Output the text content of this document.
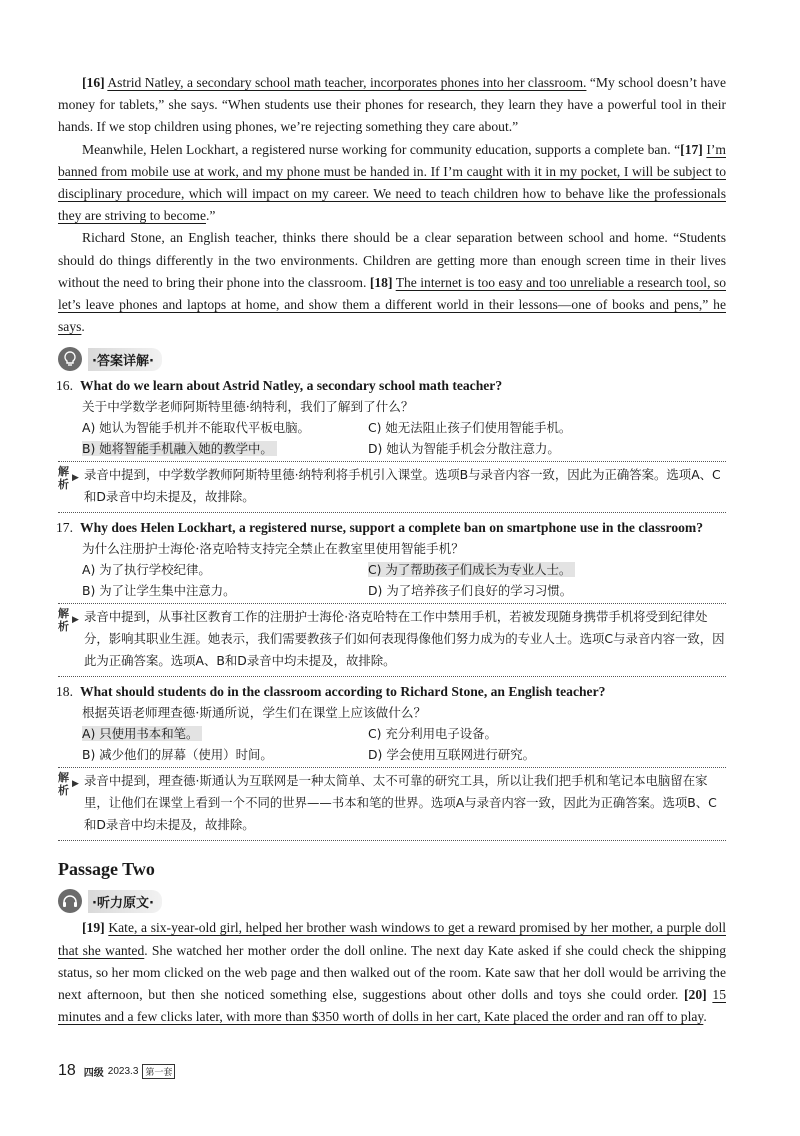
[16] Astrid Natley, a secondary school math teacher, incorporates phones into her classroom. “My school doesn’t have money for tablets,” she says. “When students use their phones for research, they learn they have a powerful tool in their hands. If we stop children using phones, we’re rejecting something they care about.”

Meanwhile, Helen Lockhart, a registered nurse working for community education, supports a complete ban. “[17] I’m banned from mobile use at work, and my phone must be handed in. If I’m caught with it in my pocket, I will be subject to disciplinary procedure, which will impact on my career. We need to teach children how to behave like the professionals they are striving to become.”

Richard Stone, an English teacher, thinks there should be a clear separation between school and home. “Students should do things differently in the two environments. Children are getting more than enough screen time in their lives without the need to bring their phone into the classroom. [18] The internet is too easy and too unreliable a research tool, so let’s leave phones and laptops at home, and show them a different world in their lessons—one of books and pens,” he says.

·答案详解·
16. What do we learn about Astrid Natley, a secondary school math teacher?
关于中学数学老师阿斯特里德·纳特利，我们了解到了什么？
A) 她认为智能手机并不能取代平板电脑。	C) 她无法阻止孩子们使用智能手机。
B) 她将智能手机融入她的教学中。	D) 她认为智能手机会分散注意力。
解析 ▶ 录音中提到，中学数学教师阿斯特里德·纳特利将手机引入课堂。选项B与录音内容一致，因此为正确答案。选项A、C和D录音中均未提及，故排除。
17. Why does Helen Lockhart, a registered nurse, support a complete ban on smartphone use in the classroom?
为什么注册护士海伦·洛克哈特支持完全禁止在教室里使用智能手机？
A) 为了执行学校纪律。	C) 为了帮助孩子们成长为专业人士。
B) 为了让学生集中注意力。	D) 为了培养孩子们良好的学习习惯。
解析 ▶ 录音中提到，从事社区教育工作的注册护士海伦·洛克哈特在工作中禁用手机，若被发现随身携带手机将受到纪律处分，影响其职业生涯。她表示，我们需要教孩子们如何表现得像他们努力成为的专业人士。选项C与录音内容一致，因此为正确答案。选项A、B和D录音中均未提及，故排除。
18. What should students do in the classroom according to Richard Stone, an English teacher?
根据英语老师理查德·斯通所说，学生们在课堂上应该做什么？
A) 只使用书本和笔。	C) 充分利用电子设备。
B) 减少他们的屏幕（使用）时间。	D) 学会使用互联网进行研究。
解析 ▶ 录音中提到，理查德·斯通认为互联网是一种太简单、太不可靠的研究工具，所以让我们把手机和笔记本电脑留在家里，让他们在课堂上看到一个不同的世界——书本和笔的世界。选项A与录音内容一致，因此为正确答案。选项B、C和D录音中均未提及，故排除。
Passage Two
·听力原文·

[19] Kate, a six-year-old girl, helped her brother wash windows to get a reward promised by her mother, a purple doll that she wanted. She watched her mother order the doll online. The next day Kate asked if she could check the shipping status, so her mom clicked on the web page and then walked out of the room. Kate saw that her doll would be arriving the next afternoon, but then she noticed something else, suggestions about other dolls and toys she could order. [20] 15 minutes and a few clicks later, with more than $350 worth of dolls in her cart, Kate placed the order and ran off to play.

18 四级 2023.3 第一套
